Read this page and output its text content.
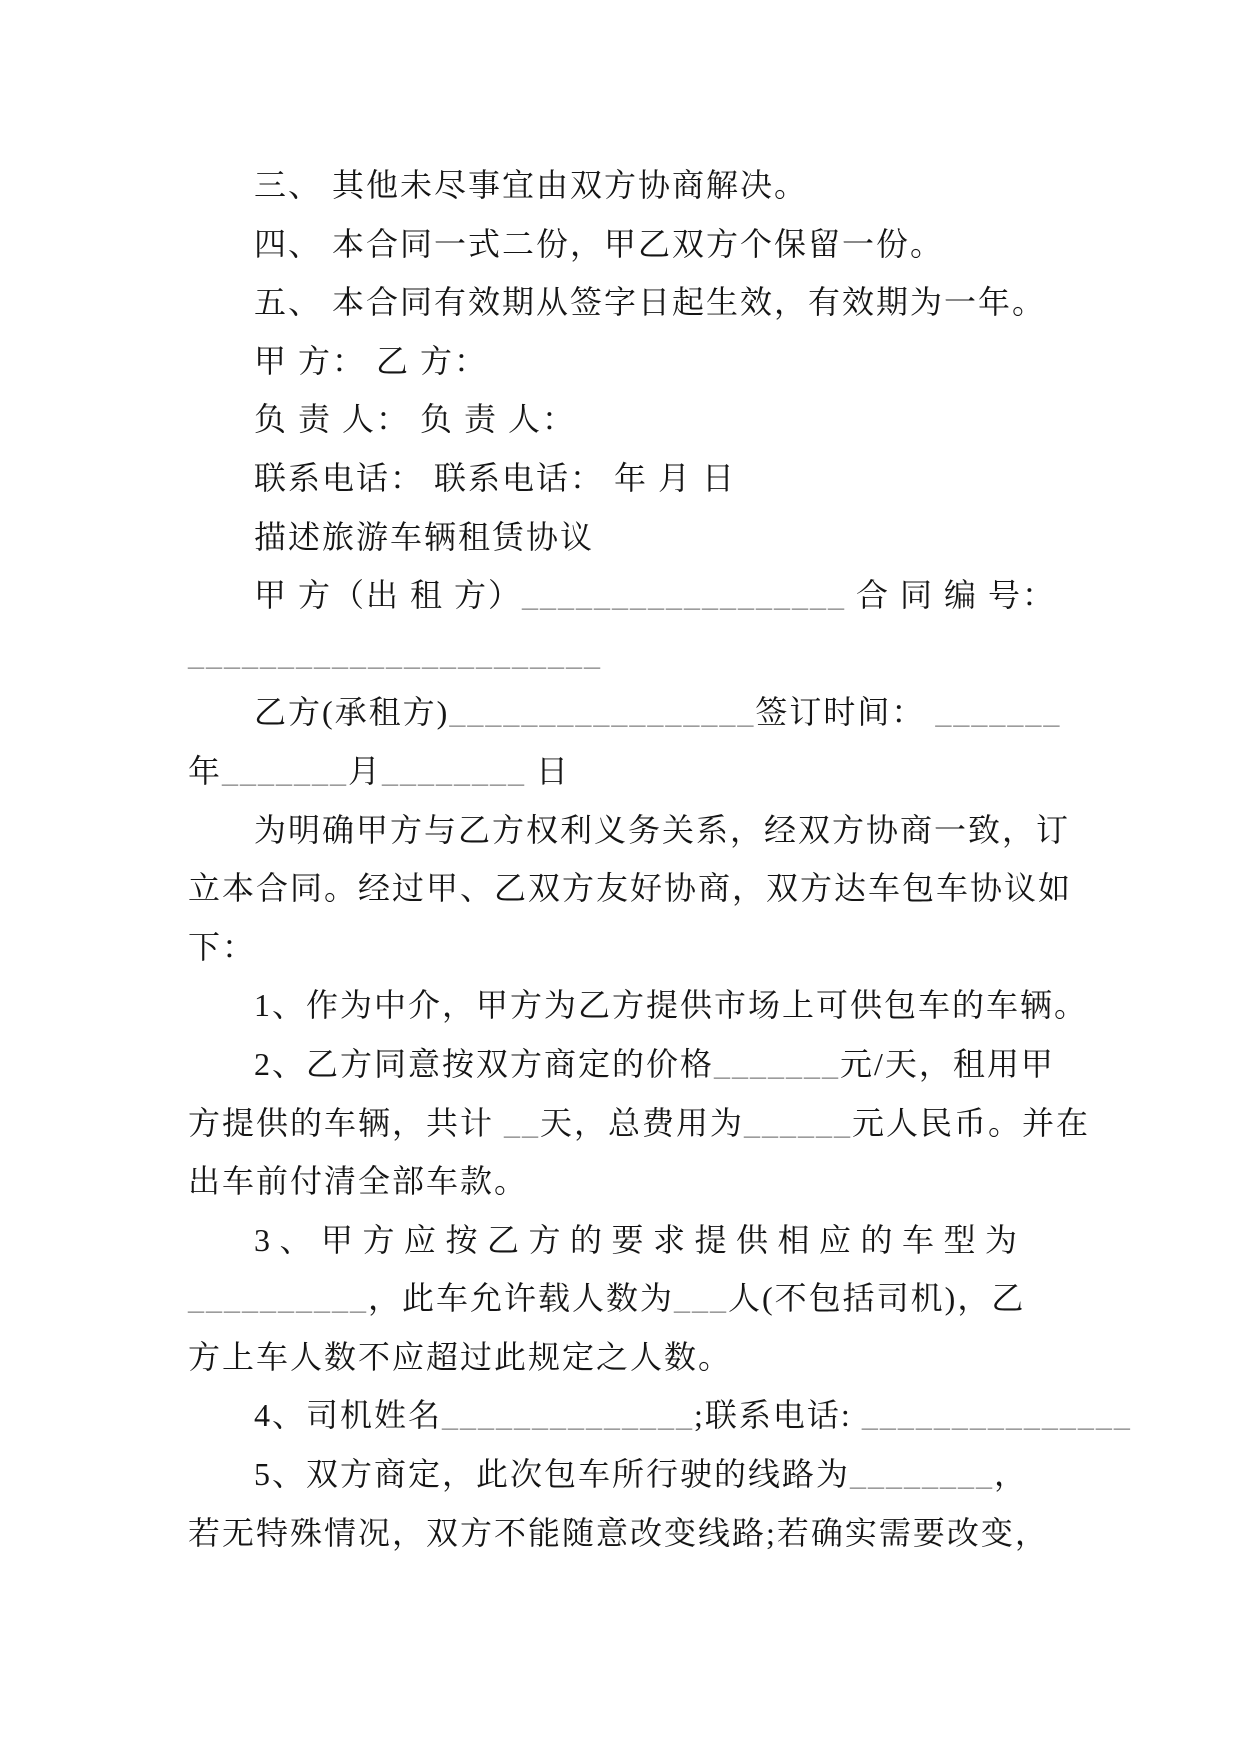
三、 其他未尽事宜由双方协商解决。
四、 本合同一式二份，甲乙双方个保留一份。
五、 本合同有效期从签字日起生效，有效期为一年。
甲 方： 乙 方：
负 责 人： 负 责 人：
联系电话： 联系电话： 年 月 日
描述旅游车辆租赁协议
甲 方（出 租 方）__________________ 合 同 编 号：
_______________________
乙方(承租方)_________________签订时间： _______
年_______月________ 日
为明确甲方与乙方权利义务关系，经双方协商一致，订
立本合同。经过甲、乙双方友好协商，双方达车包车协议如
下：
1、作为中介，甲方为乙方提供市场上可供包车的车辆。
2、乙方同意按双方商定的价格_______元/天，租用甲
方提供的车辆，共计 __天，总费用为______元人民币。并在
出车前付清全部车款。
3、甲方应按乙方的要求提供相应的车型为
__________，此车允许载人数为___人(不包括司机)，乙
方上车人数不应超过此规定之人数。
4、司机姓名______________;联系电话: _______________
5、双方商定，此次包车所行驶的线路为________，
若无特殊情况，双方不能随意改变线路;若确实需要改变，
